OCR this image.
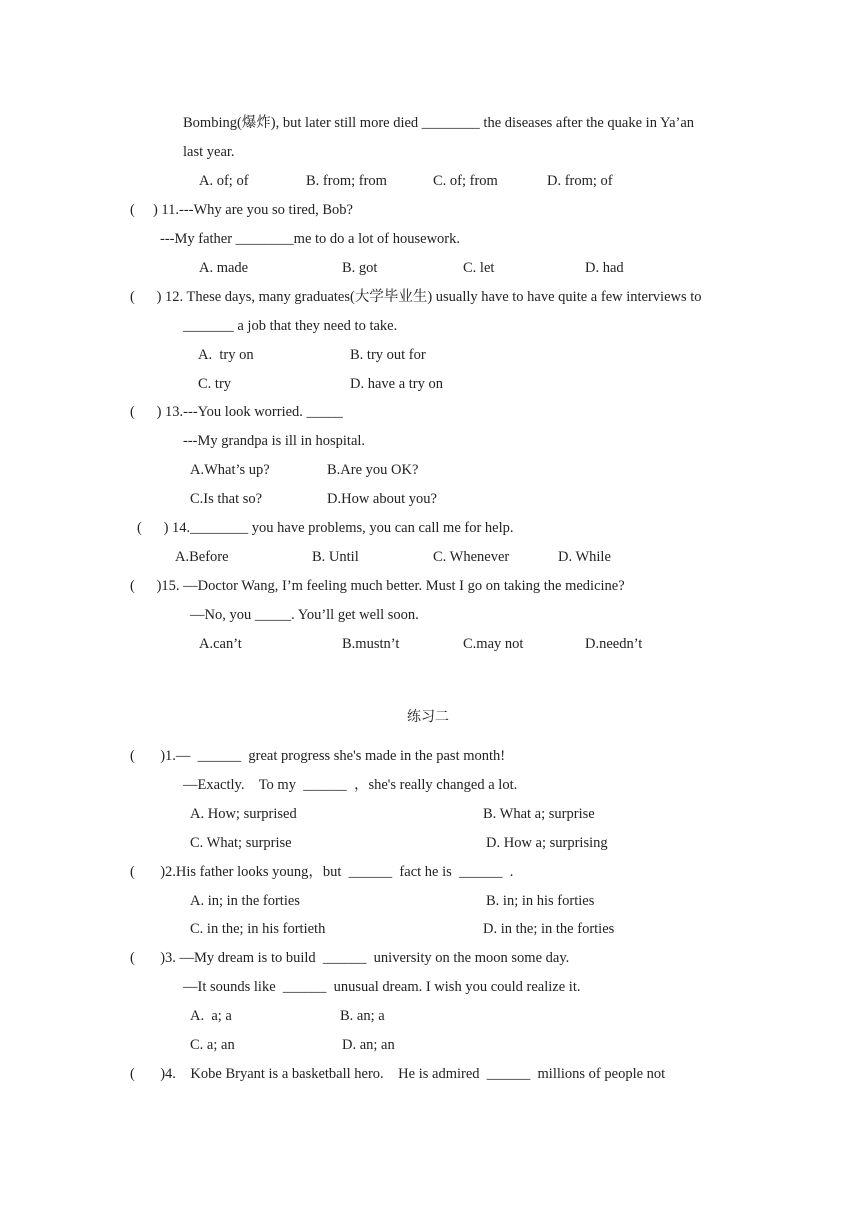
Bombing(爆炸), but later still more died ________ the diseases after the quake in Ya’an
last year.
A. of; of	B. from; from	C. of; from	D. from; of
(     ) 11.---Why are you so tired, Bob?
---My father ________me to do a lot of housework.
A. made	B. got	C. let	D. had
(      ) 12. These days, many graduates(大学毕业生) usually have to have quite a few interviews to
_______ a job that they need to take.
A.  try on	B. try out for
C. try	D. have a try on
(      ) 13.---You look worried. _____
---My grandpa is ill in hospital.
A.What’s up?	B.Are you OK?
C.Is that so?	D.How about you?
(      ) 14.________ you have problems, you can call me for help.
A.Before	B. Until	C. Whenever	D. While
(      )15. —Doctor Wang, I’m feeling much better. Must I go on taking the medicine?
—No, you _____. You’ll get well soon.
A.can’t	B.mustn’t	C.may not	D.needn’t
练习二
(       )1.—  ______  great progress she's made in the past month!
—Exactly.    To my  ______  ，she's really changed a lot.
A. How; surprised	B. What a; surprise
C. What; surprise	D. How a; surprising
(       )2.His father looks young，but  ______  fact he is  ______  .
A. in; in the forties	B. in; in his forties
C. in the; in his fortieth	D. in the; in the forties
(       )3. —My dream is to build  ______  university on the moon some day.
—It sounds like  ______  unusual dream. I wish you could realize it.
A.  a; a	B. an; a
C. a; an	D. an; an
(       )4.    Kobe Bryant is a basketball hero.    He is admired  ______  millions of people not
